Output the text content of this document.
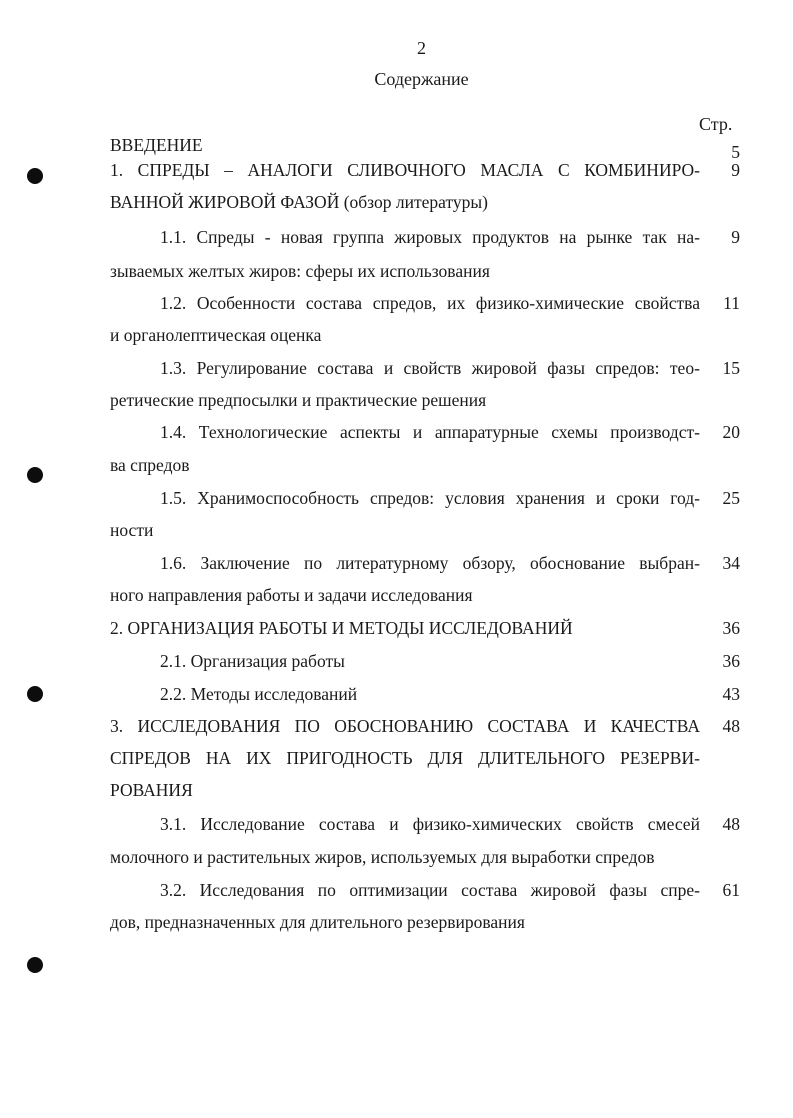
2
Содержание
Стр.
ВВЕДЕНИЕ	5
1. СПРЕДЫ – АНАЛОГИ СЛИВОЧНОГО МАСЛА С КОМБИНИРО-
ВАННОЙ ЖИРОВОЙ ФАЗОЙ (обзор литературы)
9
1.1. Спреды - новая группа жировых продуктов на рынке так на-
зываемых желтых жиров: сферы их использования
9
1.2. Особенности состава спредов, их физико-химические свойства
и органолептическая оценка
11
1.3. Регулирование состава и свойств жировой фазы спредов: тео-
ретические предпосылки и практические решения
15
1.4. Технологические аспекты и аппаратурные схемы производст-
ва спредов
20
1.5. Хранимоспособность спредов: условия хранения и сроки год-
ности
25
1.6. Заключение по литературному обзору, обоснование выбран-
ного направления работы и задачи исследования
34
2. ОРГАНИЗАЦИЯ РАБОТЫ И МЕТОДЫ ИССЛЕДОВАНИЙ	36
2.1. Организация работы	36
2.2. Методы исследований	43
3. ИССЛЕДОВАНИЯ ПО ОБОСНОВАНИЮ СОСТАВА И КАЧЕСТВА
СПРЕДОВ НА ИХ ПРИГОДНОСТЬ ДЛЯ ДЛИТЕЛЬНОГО РЕЗЕРВИ-
РОВАНИЯ
48
3.1. Исследование состава и физико-химических свойств смесей
молочного и растительных жиров, используемых для выработки спредов
48
3.2. Исследования по оптимизации состава жировой фазы спре-
дов, предназначенных для длительного резервирования
61
